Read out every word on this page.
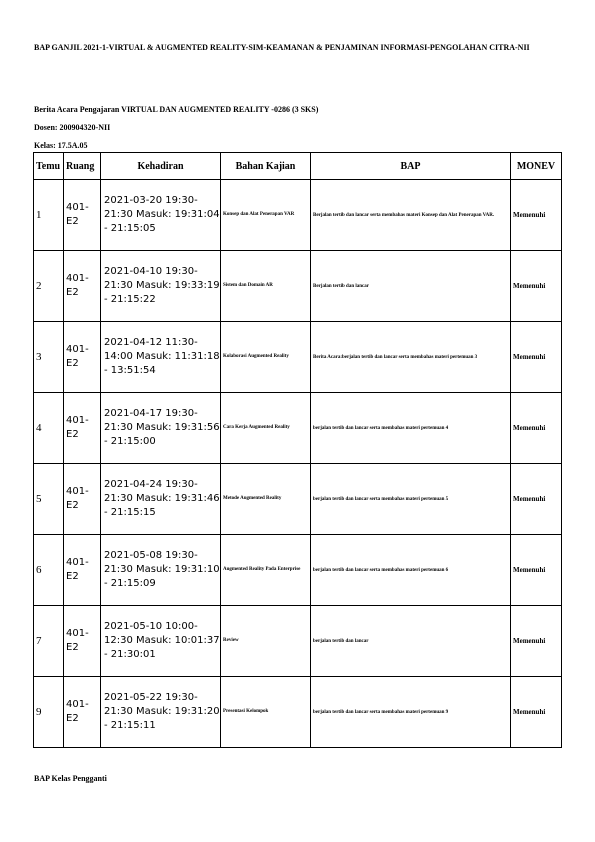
BAP GANJIL 2021-1-VIRTUAL & AUGMENTED REALITY-SIM-KEAMANAN & PENJAMINAN INFORMASI-PENGOLAHAN CITRA-NII
Berita Acara Pengajaran VIRTUAL DAN AUGMENTED REALITY -0286 (3 SKS)
Dosen: 200904320-NII
Kelas: 17.5A.05
Temu	Ruang	Kehadiran	Bahan Kajian	BAP	MONEV
1	401-E2	2021-03-20 19:30-21:30 Masuk: 19:31:04 - 21:15:05	Konsep dan Alat Penerapan VAR	Berjalan tertib dan lancar serta membahas materi Konsep dan Alat Penerapan VAR.	Memenuhi
2	401-E2	2021-04-10 19:30-21:30 Masuk: 19:33:19 - 21:15:22	Sistem dan Domain AR	Berjalan tertib dan lancar	Memenuhi
3	401-E2	2021-04-12 11:30-14:00 Masuk: 11:31:18 - 13:51:54	Kolaborasi Augmented Reality	Berita Acara:berjalan tertib dan lancar serta membahas materi pertemuan 3	Memenuhi
4	401-E2	2021-04-17 19:30-21:30 Masuk: 19:31:56 - 21:15:00	Cara Kerja Augmented Reality	berjalan tertib dan lancar serta membahas materi pertemuan 4	Memenuhi
5	401-E2	2021-04-24 19:30-21:30 Masuk: 19:31:46 - 21:15:15	Metode Augmented Reality	berjalan tertib dan lancar serta membahas materi pertemuan 5	Memenuhi
6	401-E2	2021-05-08 19:30-21:30 Masuk: 19:31:10 - 21:15:09	Augmented Reality Pada Enterprise	berjalan tertib dan lancar serta membahas materi pertemuan 6	Memenuhi
7	401-E2	2021-05-10 10:00-12:30 Masuk: 10:01:37 - 21:30:01	Review	berjalan tertib dan lancar	Memenuhi
9	401-E2	2021-05-22 19:30-21:30 Masuk: 19:31:20 - 21:15:11	Presentasi Kelompok	berjalan tertib dan lancar serta membahas materi pertemuan 9	Memenuhi
BAP Kelas Pengganti
